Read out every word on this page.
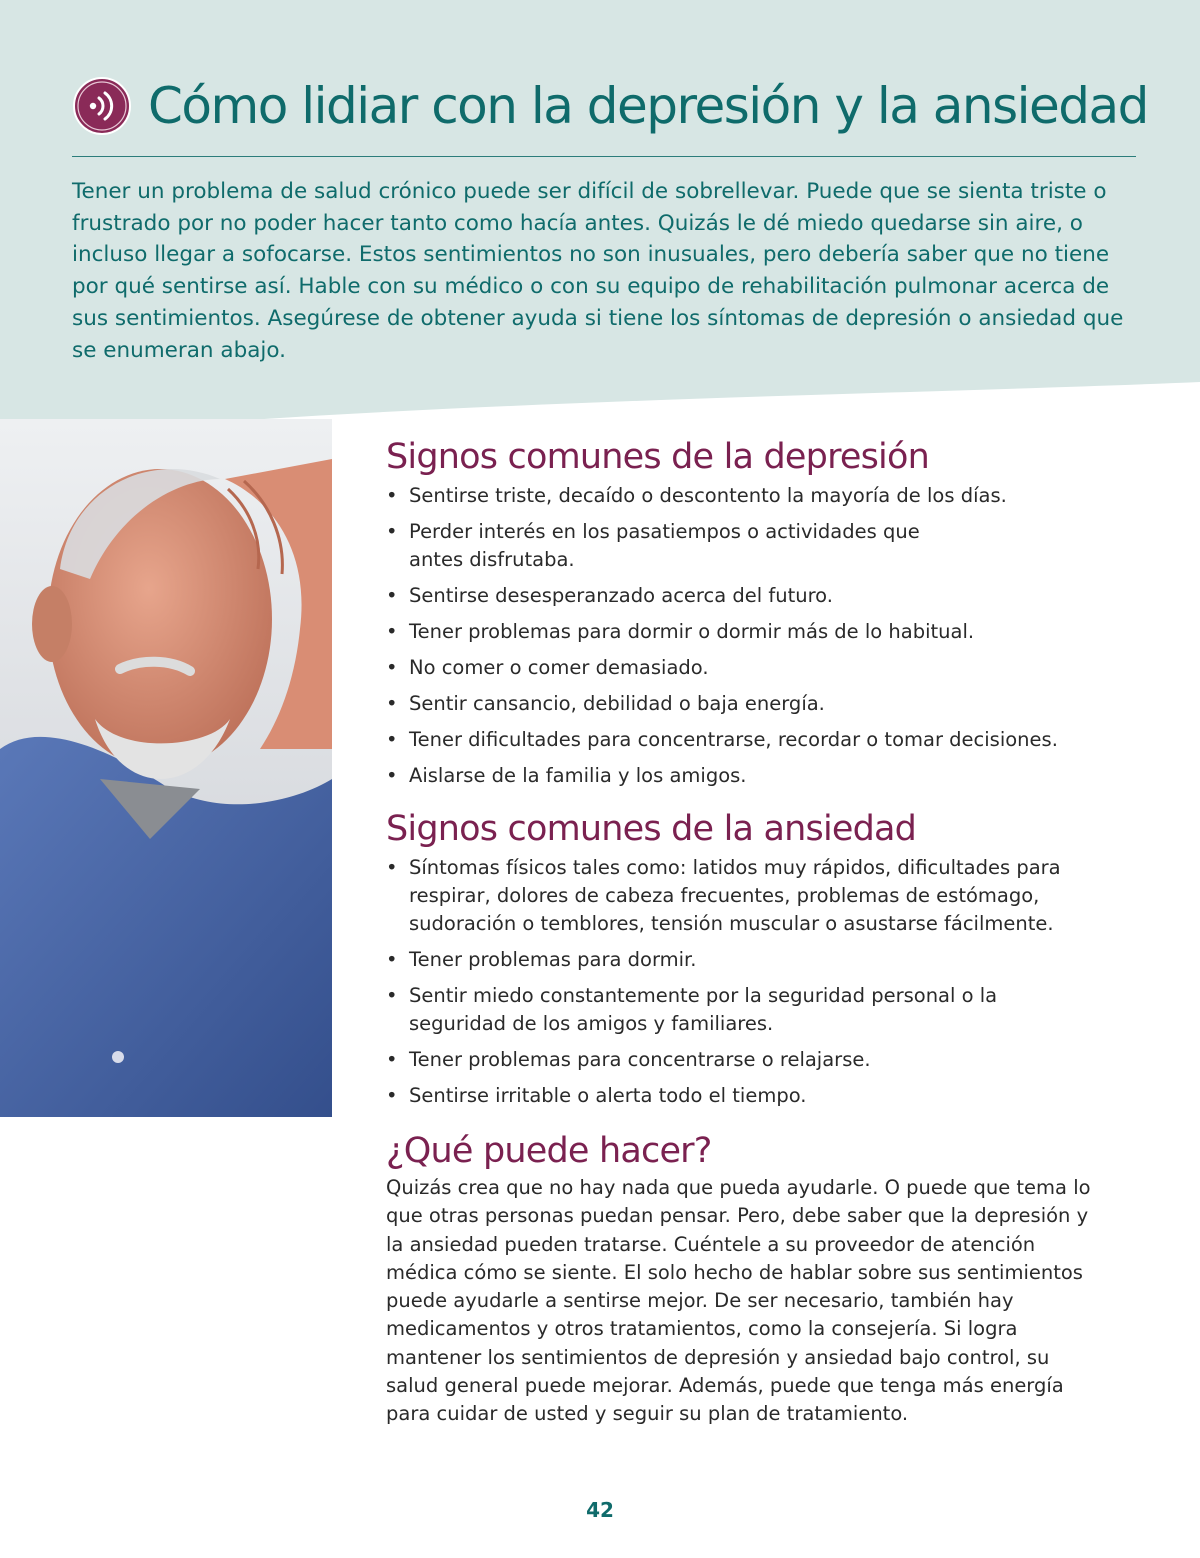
Cómo lidiar con la depresión y la ansiedad

Tener un problema de salud crónico puede ser difícil de sobrellevar. Puede que se sienta triste o frustrado por no poder hacer tanto como hacía antes. Quizás le dé miedo quedarse sin aire, o incluso llegar a sofocarse. Estos sentimientos no son inusuales, pero debería saber que no tiene por qué sentirse así. Hable con su médico o con su equipo de rehabilitación pulmonar acerca de sus sentimientos. Asegúrese de obtener ayuda si tiene los síntomas de depresión o ansiedad que se enumeran abajo.

Signos comunes de la depresión
• Sentirse triste, decaído o descontento la mayoría de los días.
• Perder interés en los pasatiempos o actividades que antes disfrutaba.
• Sentirse desesperanzado acerca del futuro.
• Tener problemas para dormir o dormir más de lo habitual.
• No comer o comer demasiado.
• Sentir cansancio, debilidad o baja energía.
• Tener dificultades para concentrarse, recordar o tomar decisiones.
• Aislarse de la familia y los amigos.
Signos comunes de la ansiedad
• Síntomas físicos tales como: latidos muy rápidos, dificultades para respirar, dolores de cabeza frecuentes, problemas de estómago, sudoración o temblores, tensión muscular o asustarse fácilmente.
• Tener problemas para dormir.
• Sentir miedo constantemente por la seguridad personal o la seguridad de los amigos y familiares.
• Tener problemas para concentrarse o relajarse.
• Sentirse irritable o alerta todo el tiempo.
¿Qué puede hacer?

Quizás crea que no hay nada que pueda ayudarle. O puede que tema lo que otras personas puedan pensar. Pero, debe saber que la depresión y la ansiedad pueden tratarse. Cuéntele a su proveedor de atención médica cómo se siente. El solo hecho de hablar sobre sus sentimientos puede ayudarle a sentirse mejor. De ser necesario, también hay medicamentos y otros tratamientos, como la consejería. Si logra mantener los sentimientos de depresión y ansiedad bajo control, su salud general puede mejorar. Además, puede que tenga más energía para cuidar de usted y seguir su plan de tratamiento.

42
